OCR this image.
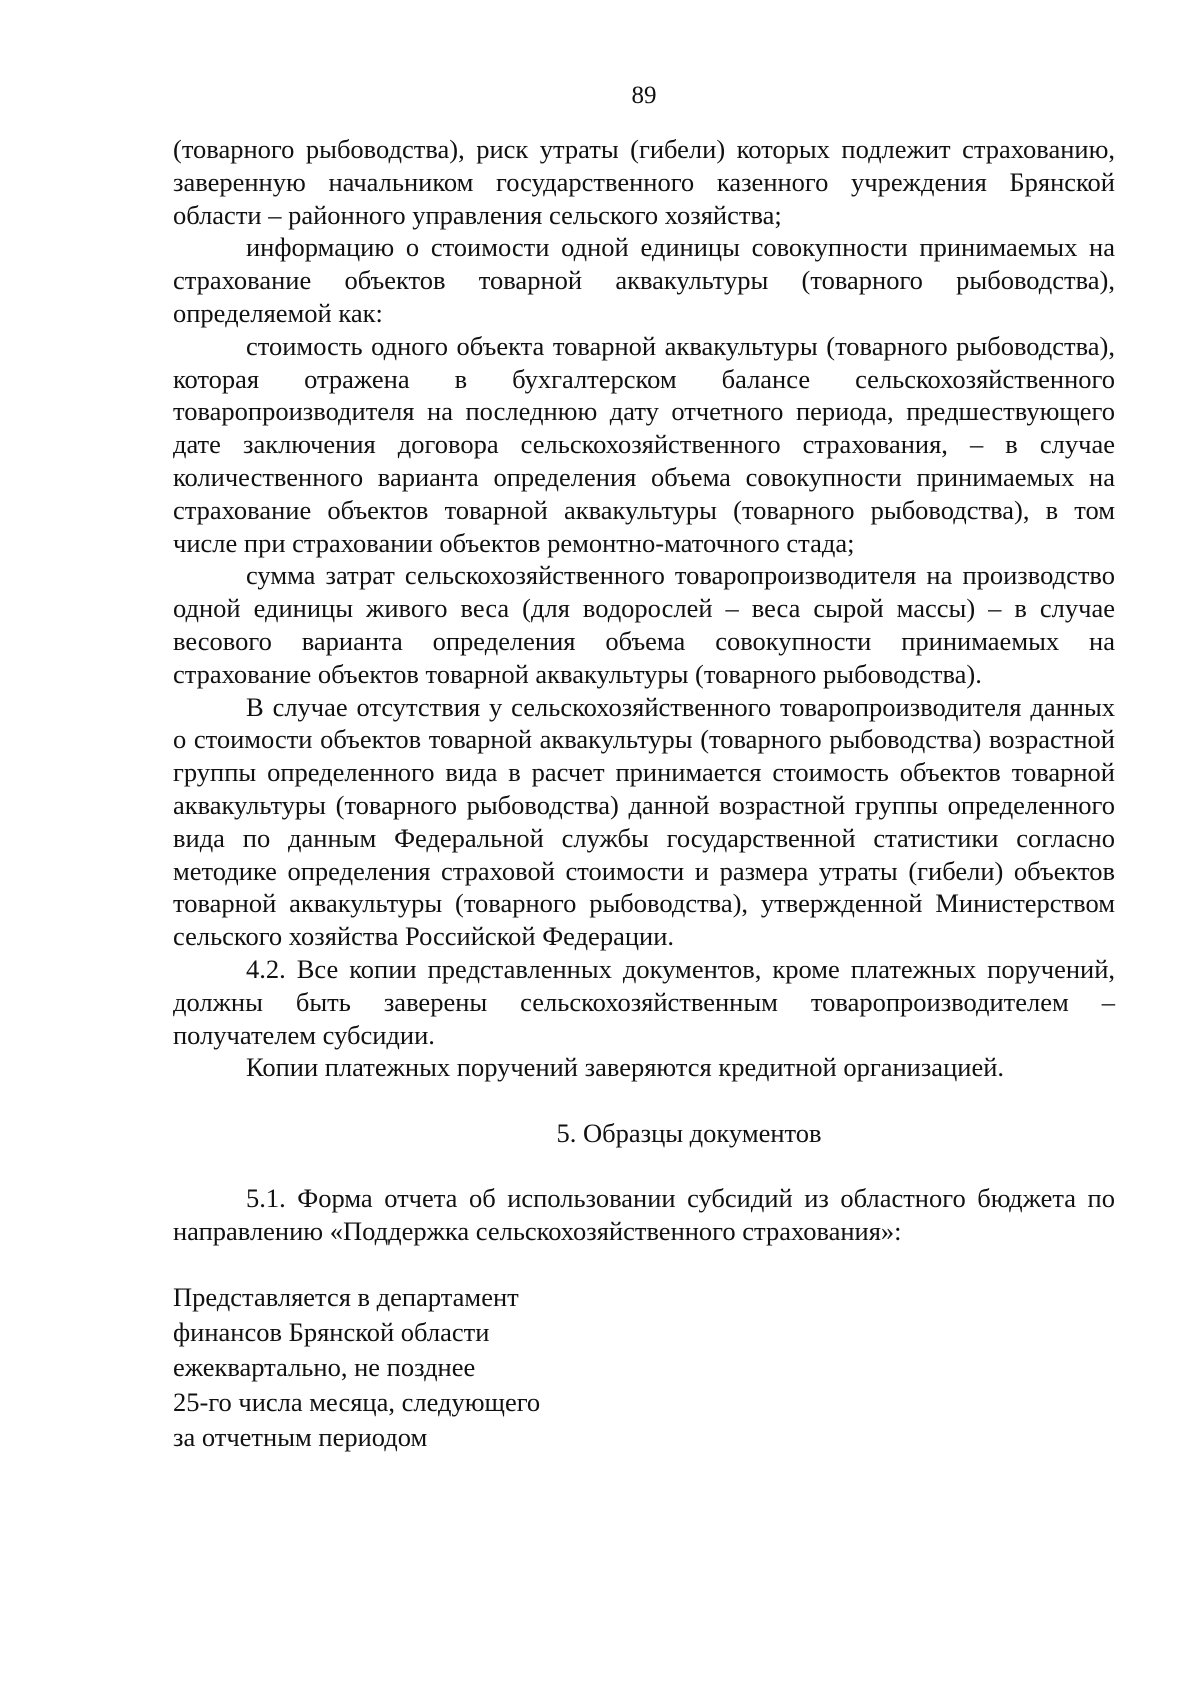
89

(товарного рыбоводства), риск утраты (гибели) которых подлежит страхованию, заверенную начальником государственного казенного учреждения Брянской области – районного управления сельского хозяйства;

информацию о стоимости одной единицы совокупности принимаемых на страхование объектов товарной аквакультуры (товарного рыбоводства), определяемой как:

стоимость одного объекта товарной аквакультуры (товарного рыбоводства), которая отражена в бухгалтерском балансе сельскохозяйственного товаропроизводителя на последнюю дату отчетного периода, предшествующего дате заключения договора сельскохозяйственного страхования, – в случае количественного варианта определения объема совокупности принимаемых на страхование объектов товарной аквакультуры (товарного рыбоводства), в том числе при страховании объектов ремонтно-маточного стада;

сумма затрат сельскохозяйственного товаропроизводителя на производство одной единицы живого веса (для водорослей – веса сырой массы) – в случае весового варианта определения объема совокупности принимаемых на страхование объектов товарной аквакультуры (товарного рыбоводства).

В случае отсутствия у сельскохозяйственного товаропроизводителя данных о стоимости объектов товарной аквакультуры (товарного рыбоводства) возрастной группы определенного вида в расчет принимается стоимость объектов товарной аквакультуры (товарного рыбоводства) данной возрастной группы определенного вида по данным Федеральной службы государственной статистики согласно методике определения страховой стоимости и размера утраты (гибели) объектов товарной аквакультуры (товарного рыбоводства), утвержденной Министерством сельского хозяйства Российской Федерации.

4.2. Все копии представленных документов, кроме платежных поручений, должны быть заверены сельскохозяйственным товаропроизводителем – получателем субсидии.

Копии платежных поручений заверяются кредитной организацией.

5. Образцы документов

5.1. Форма отчета об использовании субсидий из областного бюджета по направлению «Поддержка сельскохозяйственного страхования»:

Представляется в департамент
финансов Брянской области
ежеквартально, не позднее
25-го числа месяца, следующего
за отчетным периодом
